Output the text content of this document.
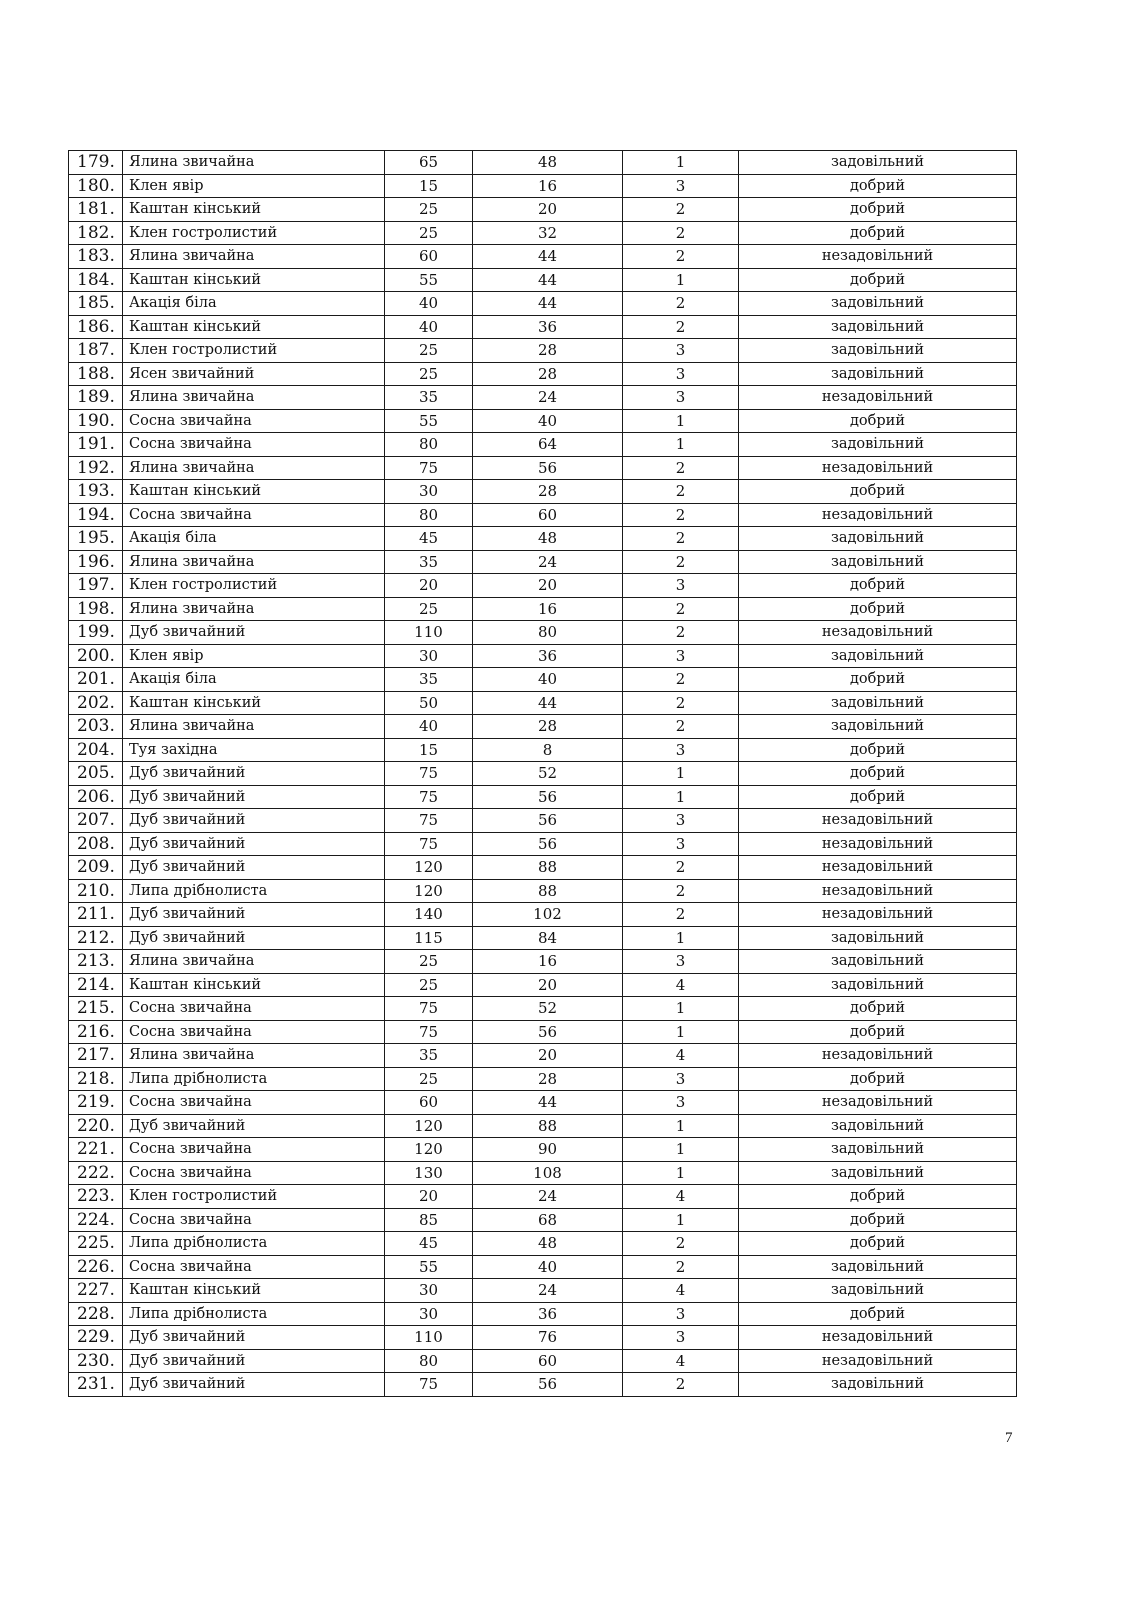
179.	Ялина звичайна	65	48	1	задовільний
180.	Клен явір	15	16	3	добрий
181.	Каштан кінський	25	20	2	добрий
182.	Клен гостролистий	25	32	2	добрий
183.	Ялина звичайна	60	44	2	незадовільний
184.	Каштан кінський	55	44	1	добрий
185.	Акація біла	40	44	2	задовільний
186.	Каштан кінський	40	36	2	задовільний
187.	Клен гостролистий	25	28	3	задовільний
188.	Ясен звичайний	25	28	3	задовільний
189.	Ялина звичайна	35	24	3	незадовільний
190.	Сосна звичайна	55	40	1	добрий
191.	Сосна звичайна	80	64	1	задовільний
192.	Ялина звичайна	75	56	2	незадовільний
193.	Каштан кінський	30	28	2	добрий
194.	Сосна звичайна	80	60	2	незадовільний
195.	Акація біла	45	48	2	задовільний
196.	Ялина звичайна	35	24	2	задовільний
197.	Клен гостролистий	20	20	3	добрий
198.	Ялина звичайна	25	16	2	добрий
199.	Дуб звичайний	110	80	2	незадовільний
200.	Клен явір	30	36	3	задовільний
201.	Акація біла	35	40	2	добрий
202.	Каштан кінський	50	44	2	задовільний
203.	Ялина звичайна	40	28	2	задовільний
204.	Туя західна	15	8	3	добрий
205.	Дуб звичайний	75	52	1	добрий
206.	Дуб звичайний	75	56	1	добрий
207.	Дуб звичайний	75	56	3	незадовільний
208.	Дуб звичайний	75	56	3	незадовільний
209.	Дуб звичайний	120	88	2	незадовільний
210.	Липа дрібнолиста	120	88	2	незадовільний
211.	Дуб звичайний	140	102	2	незадовільний
212.	Дуб звичайний	115	84	1	задовільний
213.	Ялина звичайна	25	16	3	задовільний
214.	Каштан кінський	25	20	4	задовільний
215.	Сосна звичайна	75	52	1	добрий
216.	Сосна звичайна	75	56	1	добрий
217.	Ялина звичайна	35	20	4	незадовільний
218.	Липа дрібнолиста	25	28	3	добрий
219.	Сосна звичайна	60	44	3	незадовільний
220.	Дуб звичайний	120	88	1	задовільний
221.	Сосна звичайна	120	90	1	задовільний
222.	Сосна звичайна	130	108	1	задовільний
223.	Клен гостролистий	20	24	4	добрий
224.	Сосна звичайна	85	68	1	добрий
225.	Липа дрібнолиста	45	48	2	добрий
226.	Сосна звичайна	55	40	2	задовільний
227.	Каштан кінський	30	24	4	задовільний
228.	Липа дрібнолиста	30	36	3	добрий
229.	Дуб звичайний	110	76	3	незадовільний
230.	Дуб звичайний	80	60	4	незадовільний
231.	Дуб звичайний	75	56	2	задовільний
7
